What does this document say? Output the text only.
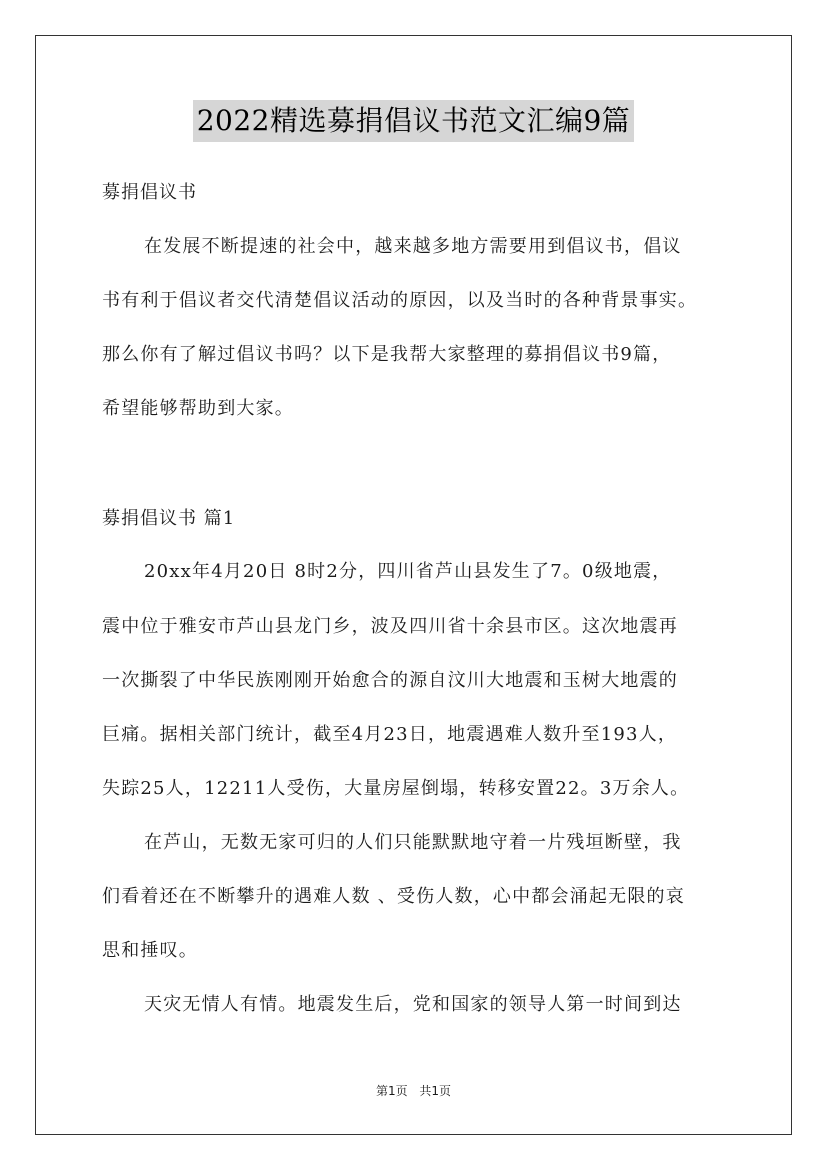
2022精选募捐倡议书范文汇编9篇
募捐倡议书
在发展不断提速的社会中，越来越多地方需要用到倡议书，倡议
书有利于倡议者交代清楚倡议活动的原因，以及当时的各种背景事实。
那么你有了解过倡议书吗？以下是我帮大家整理的募捐倡议书9篇，
希望能够帮助到大家。
募捐倡议书 篇1
20xx年4月20日 8时2分，四川省芦山县发生了7。0级地震，
震中位于雅安市芦山县龙门乡，波及四川省十余县市区。这次地震再
一次撕裂了中华民族刚刚开始愈合的源自汶川大地震和玉树大地震的
巨痛。据相关部门统计，截至4月23日，地震遇难人数升至193人，
失踪25人，12211人受伤，大量房屋倒塌，转移安置22。3万余人。
在芦山，无数无家可归的人们只能默默地守着一片残垣断壁，我
们看着还在不断攀升的遇难人数 、受伤人数，心中都会涌起无限的哀
思和捶叹。
天灾无情人有情。地震发生后，党和国家的领导人第一时间到达
第1页 共1页
